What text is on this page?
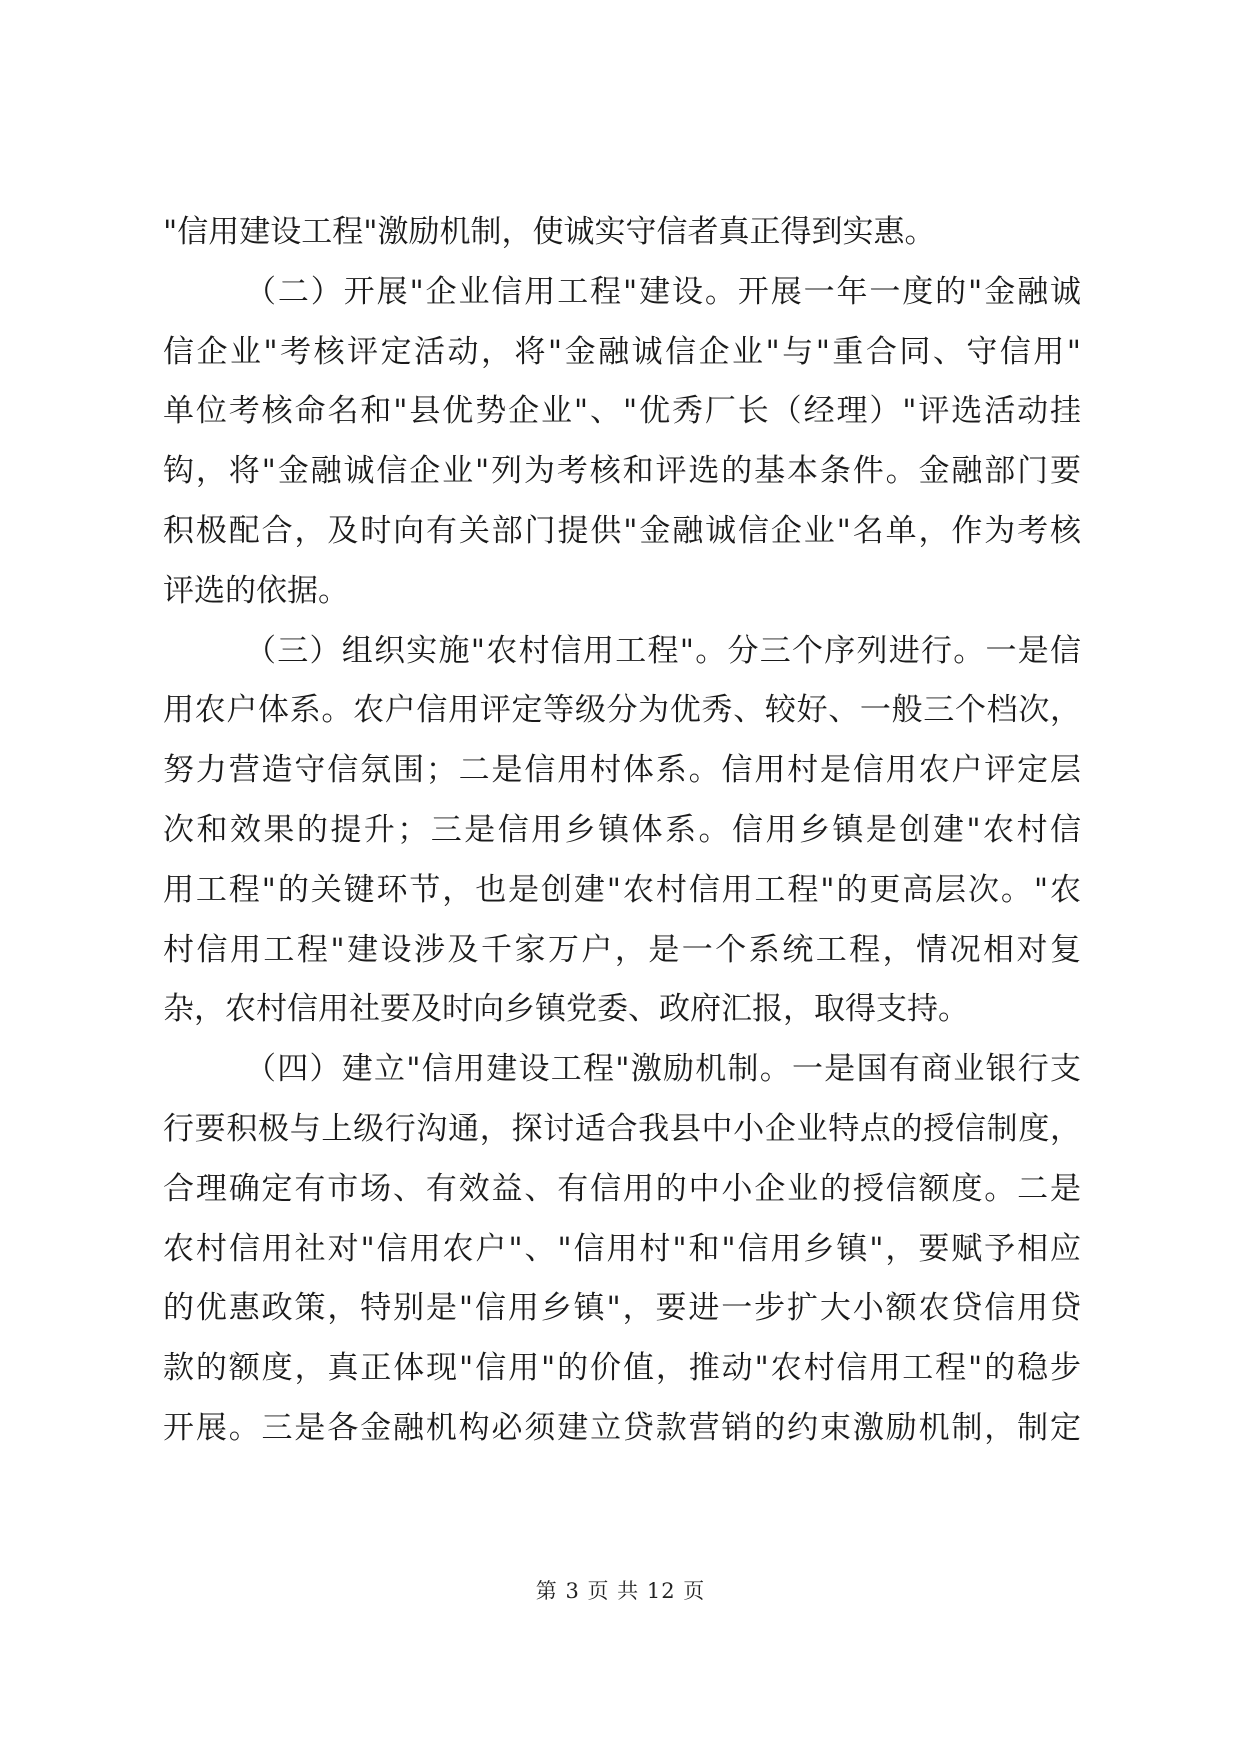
"信用建设工程"激励机制，使诚实守信者真正得到实惠。
（二）开展"企业信用工程"建设。开展一年一度的"金融诚
信企业"考核评定活动，将"金融诚信企业"与"重合同、守信用"
单位考核命名和"县优势企业"、"优秀厂长（经理）"评选活动挂
钩，将"金融诚信企业"列为考核和评选的基本条件。金融部门要
积极配合，及时向有关部门提供"金融诚信企业"名单，作为考核
评选的依据。
（三）组织实施"农村信用工程"。分三个序列进行。一是信
用农户体系。农户信用评定等级分为优秀、较好、一般三个档次，
努力营造守信氛围；二是信用村体系。信用村是信用农户评定层
次和效果的提升；三是信用乡镇体系。信用乡镇是创建"农村信
用工程"的关键环节，也是创建"农村信用工程"的更高层次。"农
村信用工程"建设涉及千家万户，是一个系统工程，情况相对复
杂，农村信用社要及时向乡镇党委、政府汇报，取得支持。
（四）建立"信用建设工程"激励机制。一是国有商业银行支
行要积极与上级行沟通，探讨适合我县中小企业特点的授信制度，
合理确定有市场、有效益、有信用的中小企业的授信额度。二是
农村信用社对"信用农户"、"信用村"和"信用乡镇"，要赋予相应
的优惠政策，特别是"信用乡镇"，要进一步扩大小额农贷信用贷
款的额度，真正体现"信用"的价值，推动"农村信用工程"的稳步
开展。三是各金融机构必须建立贷款营销的约束激励机制，制定
第 3 页 共 12 页
